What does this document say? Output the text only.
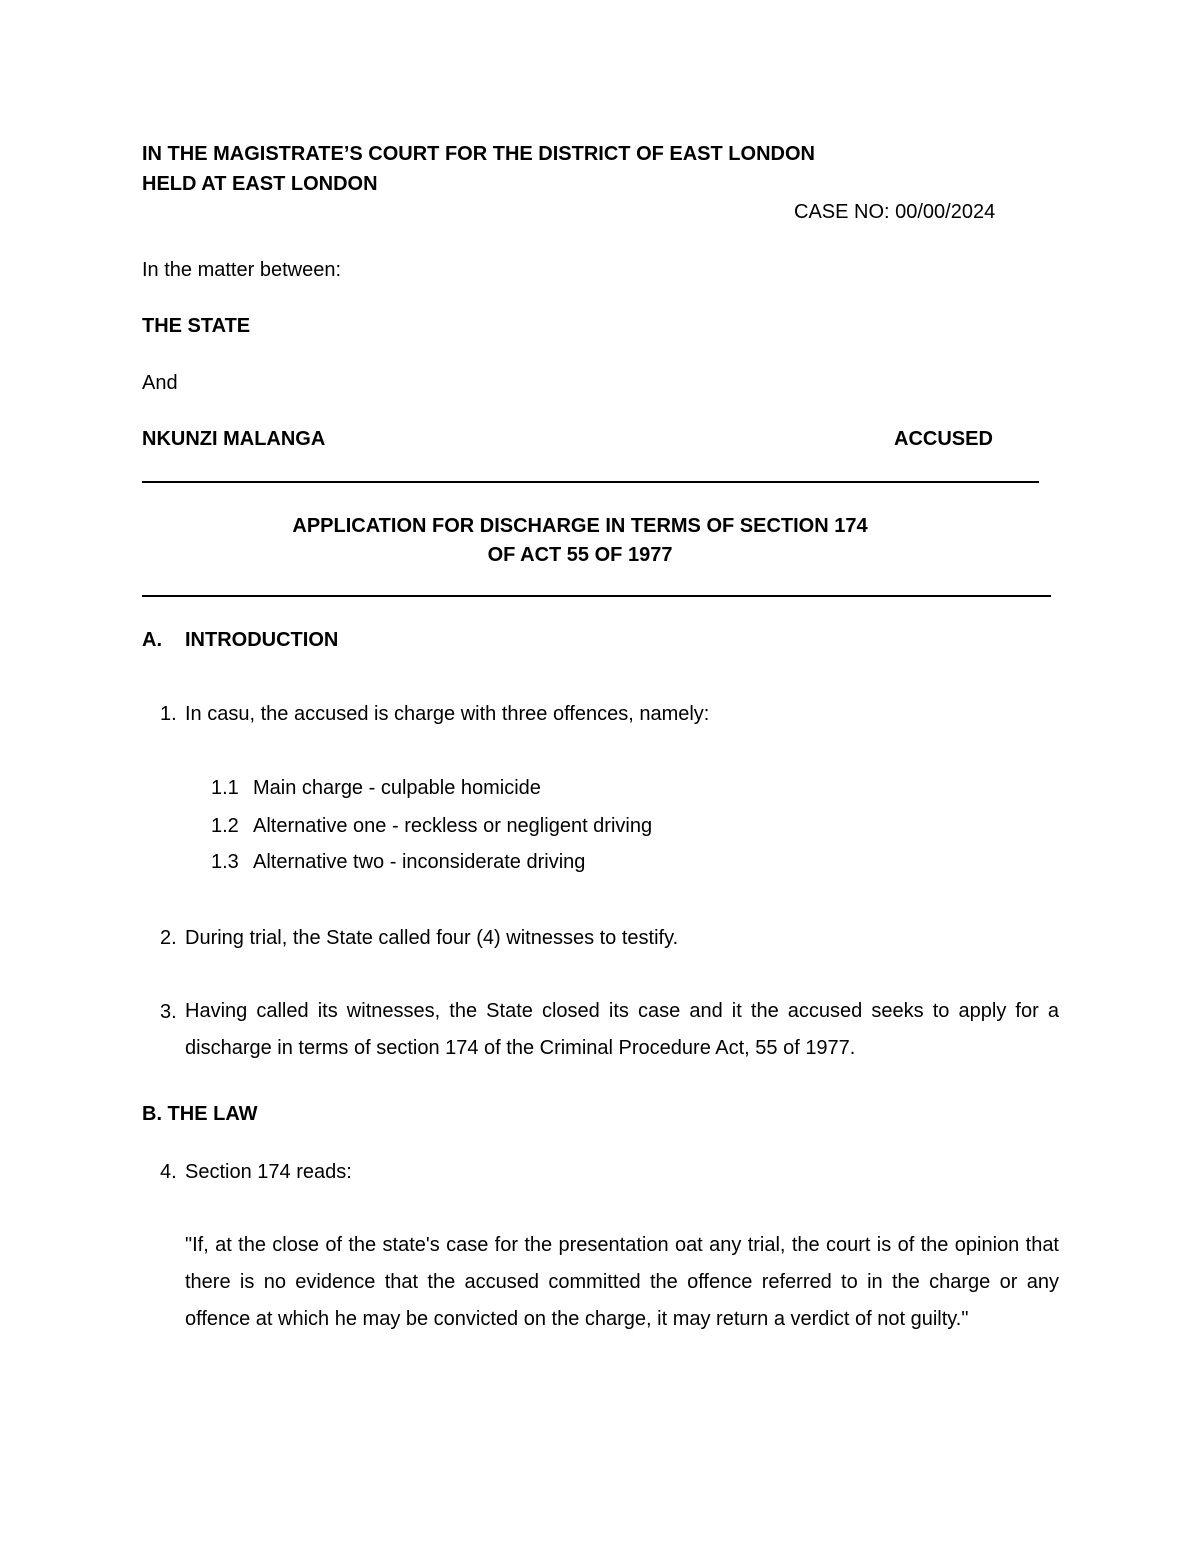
IN THE MAGISTRATE’S COURT FOR THE DISTRICT OF EAST LONDON
HELD AT EAST LONDON
CASE NO: 00/00/2024
In the matter between:
THE STATE
And
NKUNZI MALANGA	ACCUSED
APPLICATION FOR DISCHARGE IN TERMS OF SECTION 174
OF ACT 55 OF 1977
A. INTRODUCTION
1. In casu, the accused is charge with three offences, namely:
1.1 Main charge - culpable homicide
1.2 Alternative one - reckless or negligent driving
1.3 Alternative two - inconsiderate driving
2. During trial, the State called four (4) witnesses to testify.
3. Having called its witnesses, the State closed its case and it the accused seeks to apply for a discharge in terms of section 174 of the Criminal Procedure Act, 55 of 1977.
B. THE LAW
4. Section 174 reads:
"If, at the close of the state's case for the presentation oat any trial, the court is of the opinion that there is no evidence that the accused committed the offence referred to in the charge or any offence at which he may be convicted on the charge, it may return a verdict of not guilty."
